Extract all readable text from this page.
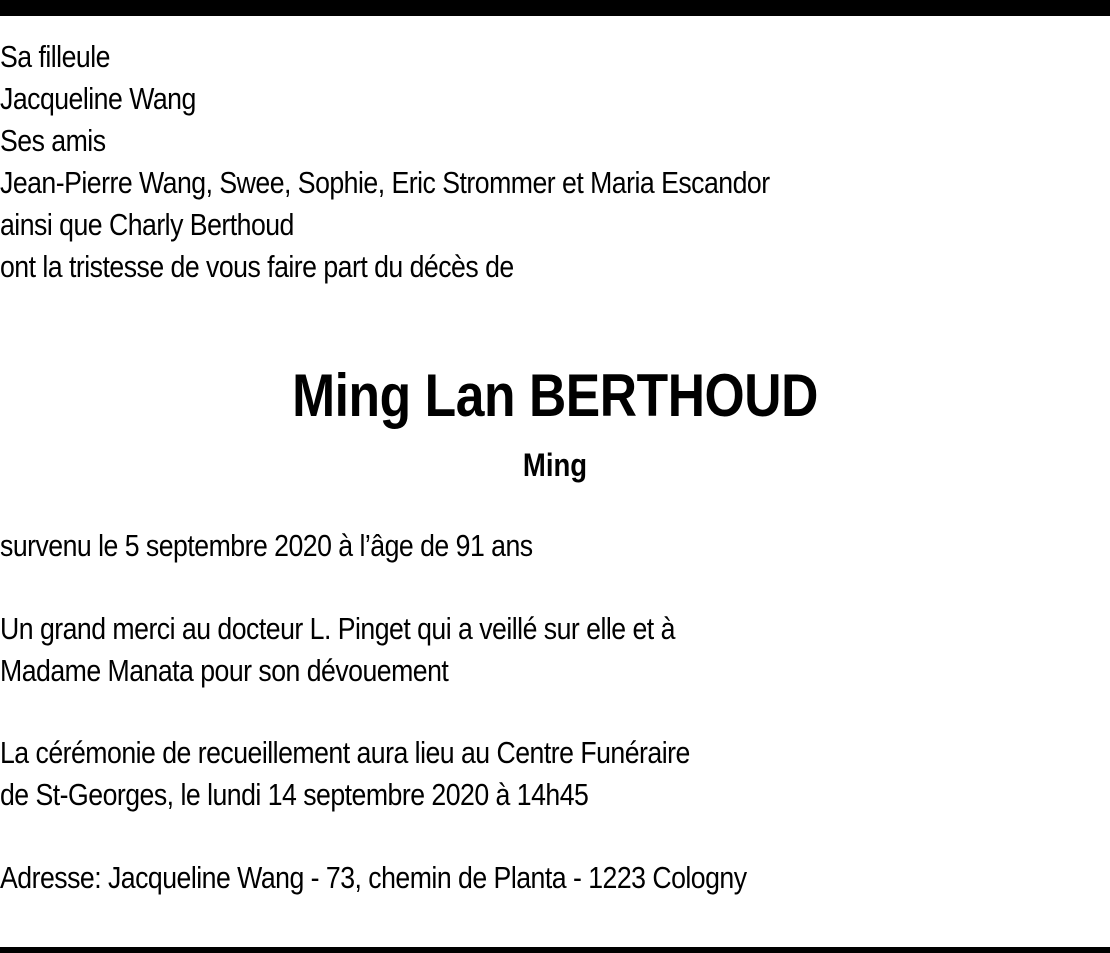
Sa filleule

Jacqueline Wang

Ses amis

Jean-Pierre Wang, Swee, Sophie, Eric Strommer et Maria Escandor

ainsi que Charly Berthoud

ont la tristesse de vous faire part du décès de

Ming Lan BERTHOUD

Ming

survenu le 5 septembre 2020 à l’âge de 91 ans

Un grand merci au docteur L. Pinget qui a veillé sur elle et à

Madame Manata pour son dévouement

La cérémonie de recueillement aura lieu au Centre Funéraire

de St-Georges, le lundi 14 septembre 2020 à 14h45

Adresse: Jacqueline Wang - 73, chemin de Planta - 1223 Cologny
